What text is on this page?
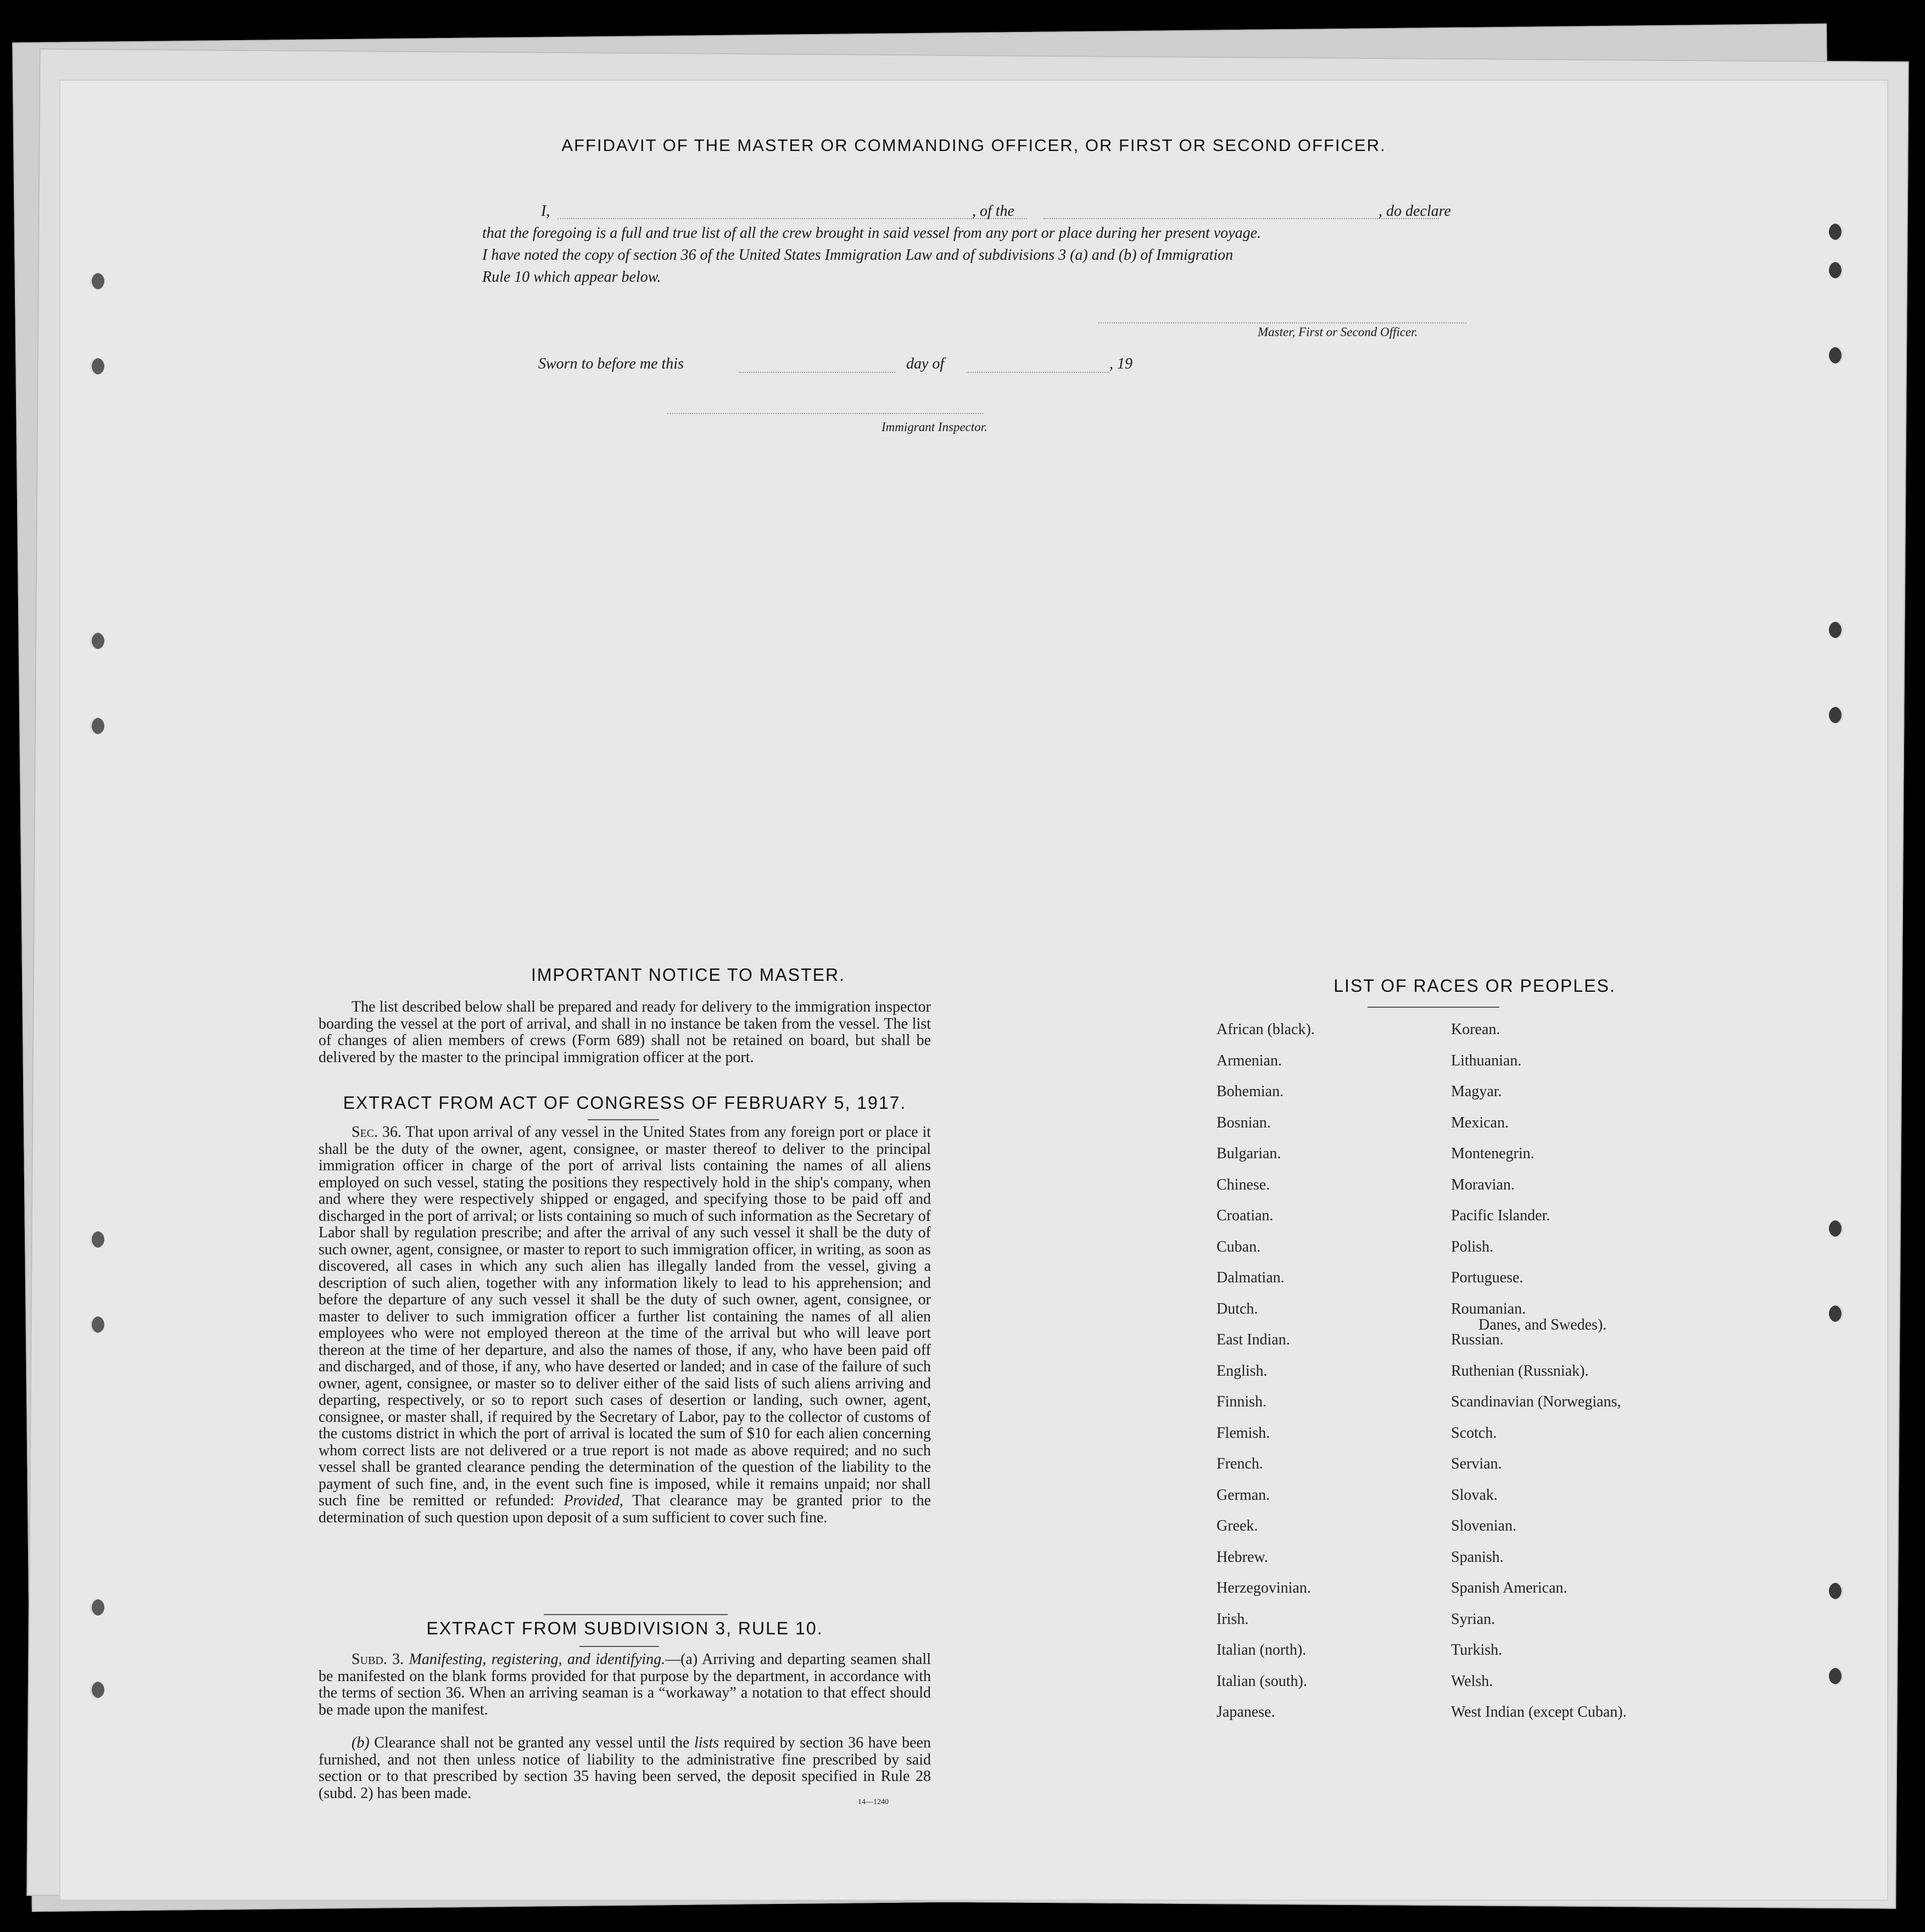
AFFIDAVIT OF THE MASTER OR COMMANDING OFFICER, OR FIRST OR SECOND OFFICER.
I,	, of the	, do declare
that the foregoing is a full and true list of all the crew brought in said vessel from any port or place during her present voyage.
I have noted the copy of section 36 of the United States Immigration Law and of subdivisions 3 (a) and (b) of Immigration
Rule 10 which appear below.
Master, First or Second Officer.
Sworn to before me this	day of	, 19
Immigrant Inspector.
IMPORTANT NOTICE TO MASTER.
The list described below shall be prepared and ready for delivery to the immigration inspector boarding the vessel at the port of arrival, and shall in no instance be taken from the vessel. The list of changes of alien members of crews (Form 689) shall not be retained on board, but shall be delivered by the master to the principal immigration officer at the port.
EXTRACT FROM ACT OF CONGRESS OF FEBRUARY 5, 1917.
Sec. 36. That upon arrival of any vessel in the United States from any foreign port or place it shall be the duty of the owner, agent, consignee, or master thereof to deliver to the principal immigration officer in charge of the port of arrival lists containing the names of all aliens employed on such vessel, stating the positions they respectively hold in the ship's company, when and where they were respectively shipped or engaged, and specifying those to be paid off and discharged in the port of arrival; or lists containing so much of such information as the Secretary of Labor shall by regulation prescribe; and after the arrival of any such vessel it shall be the duty of such owner, agent, consignee, or master to report to such immigration officer, in writing, as soon as discovered, all cases in which any such alien has illegally landed from the vessel, giving a description of such alien, together with any information likely to lead to his apprehension; and before the departure of any such vessel it shall be the duty of such owner, agent, consignee, or master to deliver to such immigration officer a further list containing the names of all alien employees who were not employed thereon at the time of the arrival but who will leave port thereon at the time of her departure, and also the names of those, if any, who have been paid off and discharged, and of those, if any, who have deserted or landed; and in case of the failure of such owner, agent, consignee, or master so to deliver either of the said lists of such aliens arriving and departing, respectively, or so to report such cases of desertion or landing, such owner, agent, consignee, or master shall, if required by the Secretary of Labor, pay to the collector of customs of the customs district in which the port of arrival is located the sum of $10 for each alien concerning whom correct lists are not delivered or a true report is not made as above required; and no such vessel shall be granted clearance pending the determination of the question of the liability to the payment of such fine, and, in the event such fine is imposed, while it remains unpaid; nor shall such fine be remitted or refunded: Provided, That clearance may be granted prior to the determination of such question upon deposit of a sum sufficient to cover such fine.
EXTRACT FROM SUBDIVISION 3, RULE 10.
Subd. 3. Manifesting, registering, and identifying.—(a) Arriving and departing seamen shall be manifested on the blank forms provided for that purpose by the department, in accordance with the terms of section 36. When an arriving seaman is a “workaway” a notation to that effect should be made upon the manifest.
(b) Clearance shall not be granted any vessel until the lists required by section 36 have been furnished, and not then unless notice of liability to the administrative fine prescribed by said section or to that prescribed by section 35 having been served, the deposit specified in Rule 28 (subd. 2) has been made.
14—1240
LIST OF RACES OR PEOPLES.
African (black).
Armenian.
Bohemian.
Bosnian.
Bulgarian.
Chinese.
Croatian.
Cuban.
Dalmatian.
Dutch.
East Indian.
English.
Finnish.
Flemish.
French.
German.
Greek.
Hebrew.
Herzegovinian.
Irish.
Italian (north).
Italian (south).
Japanese.
Korean.
Lithuanian.
Magyar.
Mexican.
Montenegrin.
Moravian.
Pacific Islander.
Polish.
Portuguese.
Roumanian.
Russian.
Ruthenian (Russniak).
Scandinavian (Norwegians,
Scotch.
Servian.
Slovak.
Slovenian.
Spanish.
Spanish American.
Syrian.
Turkish.
Welsh.
West Indian (except Cuban).
Danes, and Swedes).
